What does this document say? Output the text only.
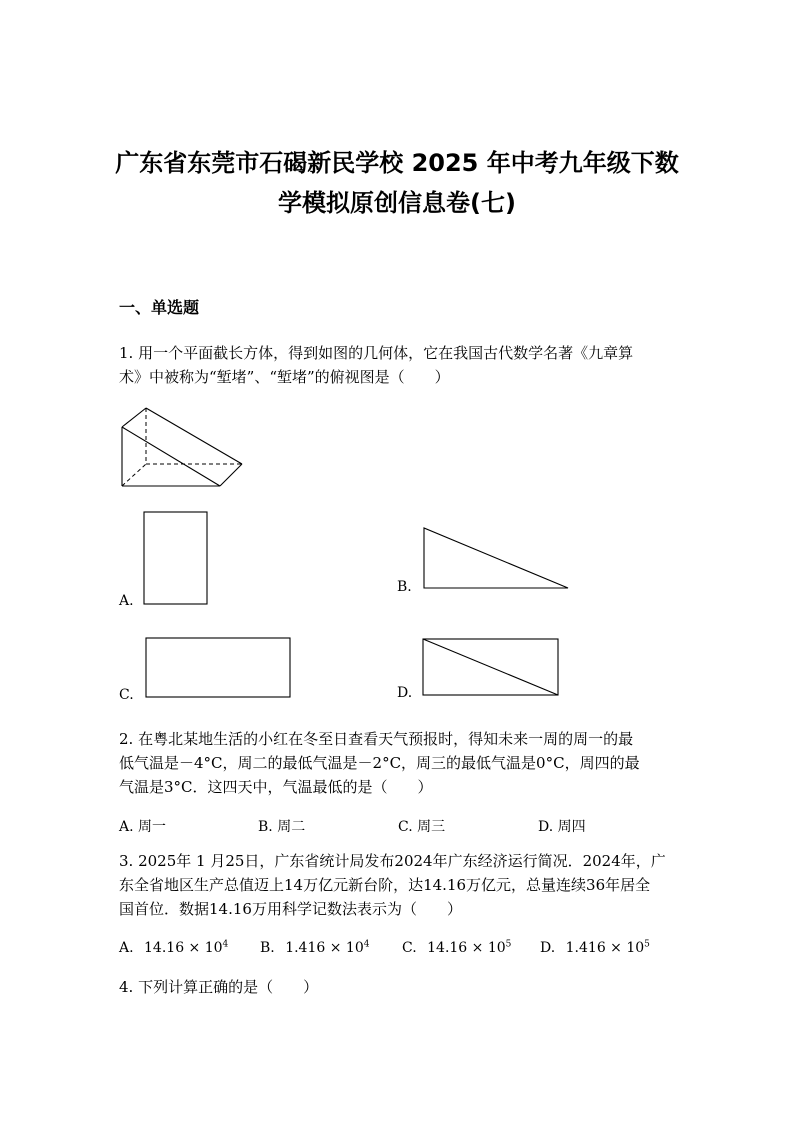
广东省东莞市石碣新民学校 2025 年中考九年级下数
学模拟原创信息卷(七)
一、单选题
1. 用一个平面截长方体，得到如图的几何体，它在我国古代数学名著《九章算
术》中被称为“堑堵”、“堑堵”的俯视图是（　　）
A.
B.
C.	D.
2. 在粤北某地生活的小红在冬至日查看天气预报时，得知未来一周的周一的最
低气温是－4°C，周二的最低气温是－2°C，周三的最低气温是0°C，周四的最
气温是3°C．这四天中，气温最低的是（　　）
A. 周一	B. 周二	C. 周三	D. 周四
3. 2025年 1 月25日，广东省统计局发布2024年广东经济运行简况．2024年，广
东全省地区生产总值迈上14万亿元新台阶，达14.16万亿元，总量连续36年居全
国首位．数据14.16万用科学记数法表示为（　　）
A. $14.16 \times 10^4$ B. $1.416 \times 10^4$ C. $14.16 \times 10^5$ D. $1.416 \times 10^5$
4. 下列计算正确的是（　　）
